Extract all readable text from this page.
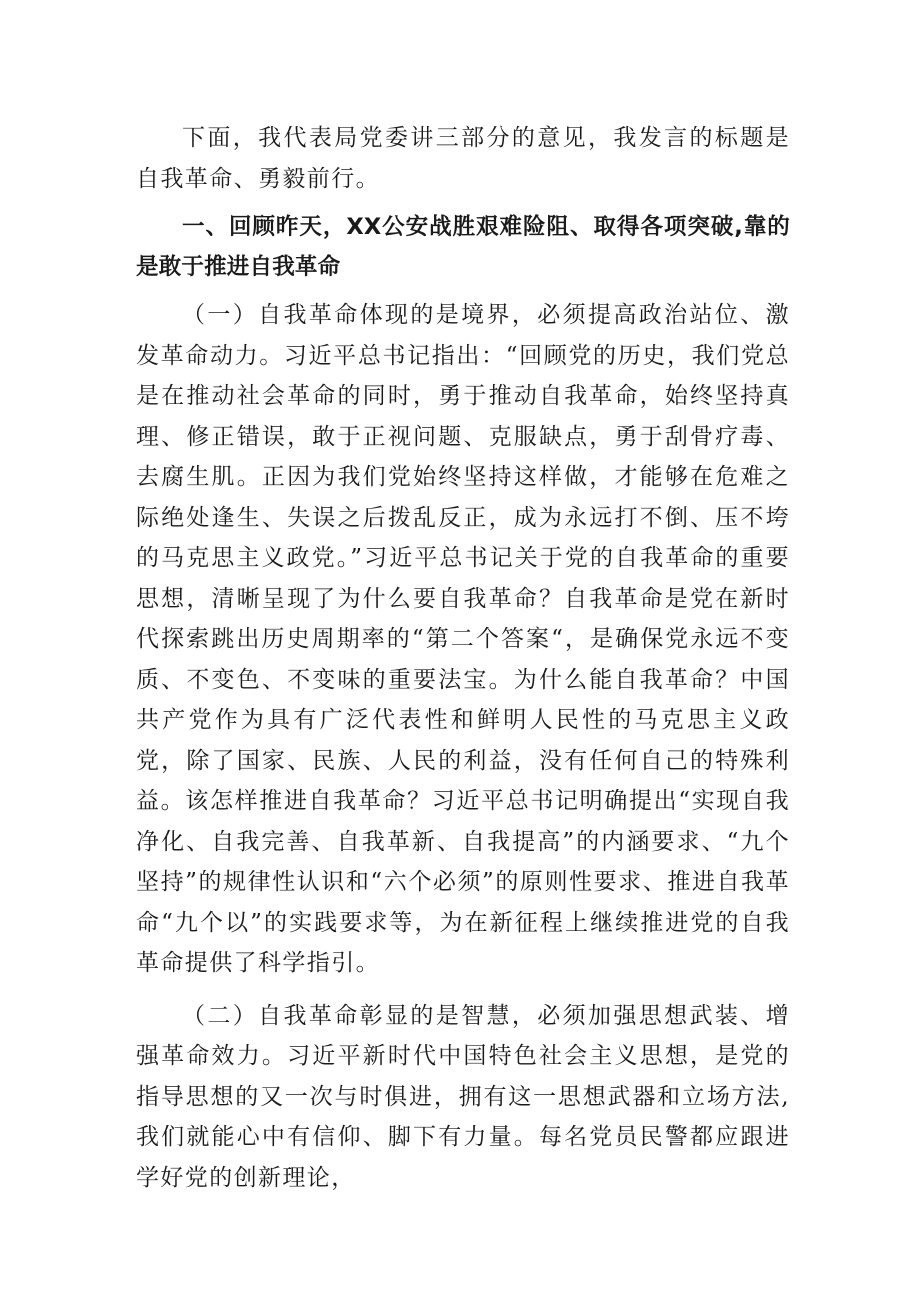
下面，我代表局党委讲三部分的意见，我发言的标题是自我革命、勇毅前行。

一、回顾昨天，XX公安战胜艰难险阻、取得各项突破,靠的是敢于推进自我革命

（一）自我革命体现的是境界，必须提高政治站位、激发革命动力。习近平总书记指出：“回顾党的历史，我们党总是在推动社会革命的同时，勇于推动自我革命，始终坚持真理、修正错误，敢于正视问题、克服缺点，勇于刮骨疗毒、去腐生肌。正因为我们党始终坚持这样做，才能够在危难之际绝处逢生、失误之后拨乱反正，成为永远打不倒、压不垮的马克思主义政党。”习近平总书记关于党的自我革命的重要思想，清晰呈现了为什么要自我革命？自我革命是党在新时代探索跳出历史周期率的“第二个答案“，是确保党永远不变质、不变色、不变味的重要法宝。为什么能自我革命？中国共产党作为具有广泛代表性和鲜明人民性的马克思主义政党，除了国家、民族、人民的利益，没有任何自己的特殊利益。该怎样推进自我革命？习近平总书记明确提出“实现自我净化、自我完善、自我革新、自我提高”的内涵要求、“九个坚持”的规律性认识和“六个必须”的原则性要求、推进自我革命“九个以”的实践要求等，为在新征程上继续推进党的自我革命提供了科学指引。

（二）自我革命彰显的是智慧，必须加强思想武装、增强革命效力。习近平新时代中国特色社会主义思想，是党的指导思想的又一次与时俱进，拥有这一思想武器和立场方法,我们就能心中有信仰、脚下有力量。每名党员民警都应跟进学好党的创新理论，
